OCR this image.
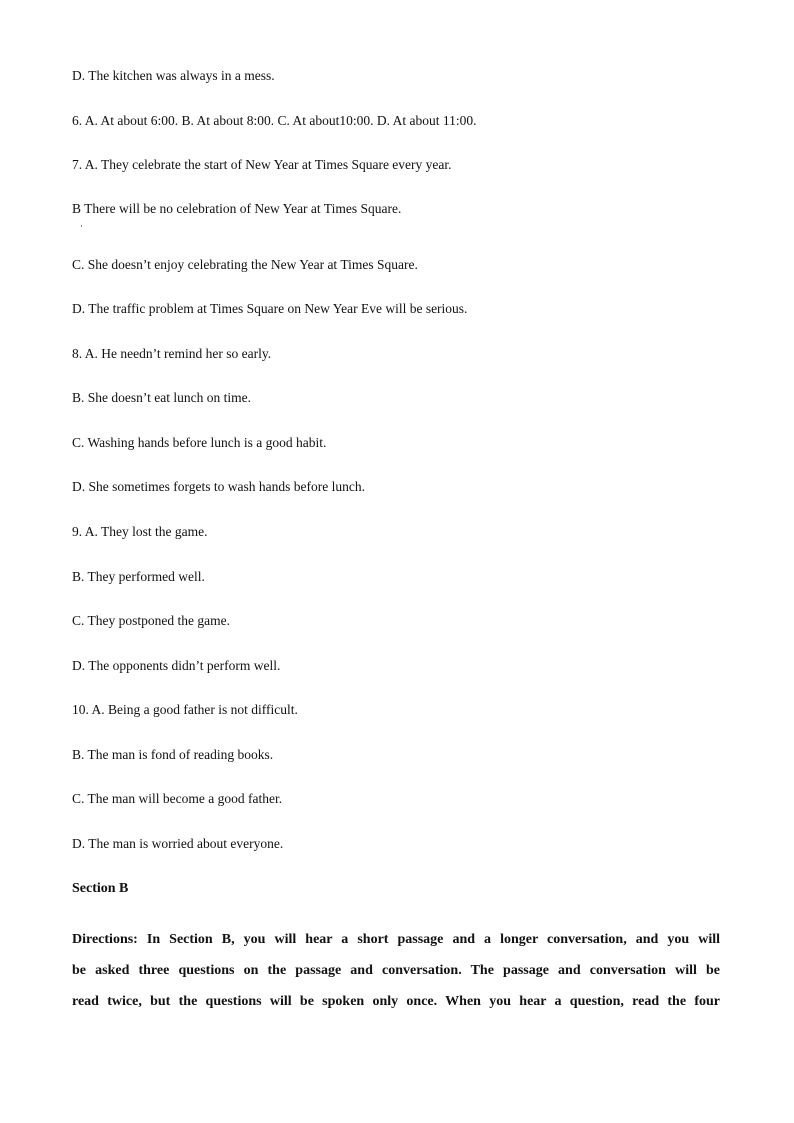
D. The kitchen was always in a mess.
6. A. At about 6:00. B. At about 8:00. C. At about10:00. D. At about 11:00.
7. A. They celebrate the start of New Year at Times Square every year.
B There will be no celebration of New Year at Times Square.
·
C. She doesn’t enjoy celebrating the New Year at Times Square.
D. The traffic problem at Times Square on New Year Eve will be serious.
8. A. He needn’t remind her so early.
B. She doesn’t eat lunch on time.
C. Washing hands before lunch is a good habit.
D. She sometimes forgets to wash hands before lunch.
9. A. They lost the game.
B. They performed well.
C. They postponed the game.
D. The opponents didn’t perform well.
10. A. Being a good father is not difficult.
B. The man is fond of reading books.
C. The man will become a good father.
D. The man is worried about everyone.
Section B
Directions: In Section B, you will hear a short passage and a longer conversation, and you will
be asked three questions on the passage and conversation. The passage and conversation will be
read twice, but the questions will be spoken only once. When you hear a question, read the four
